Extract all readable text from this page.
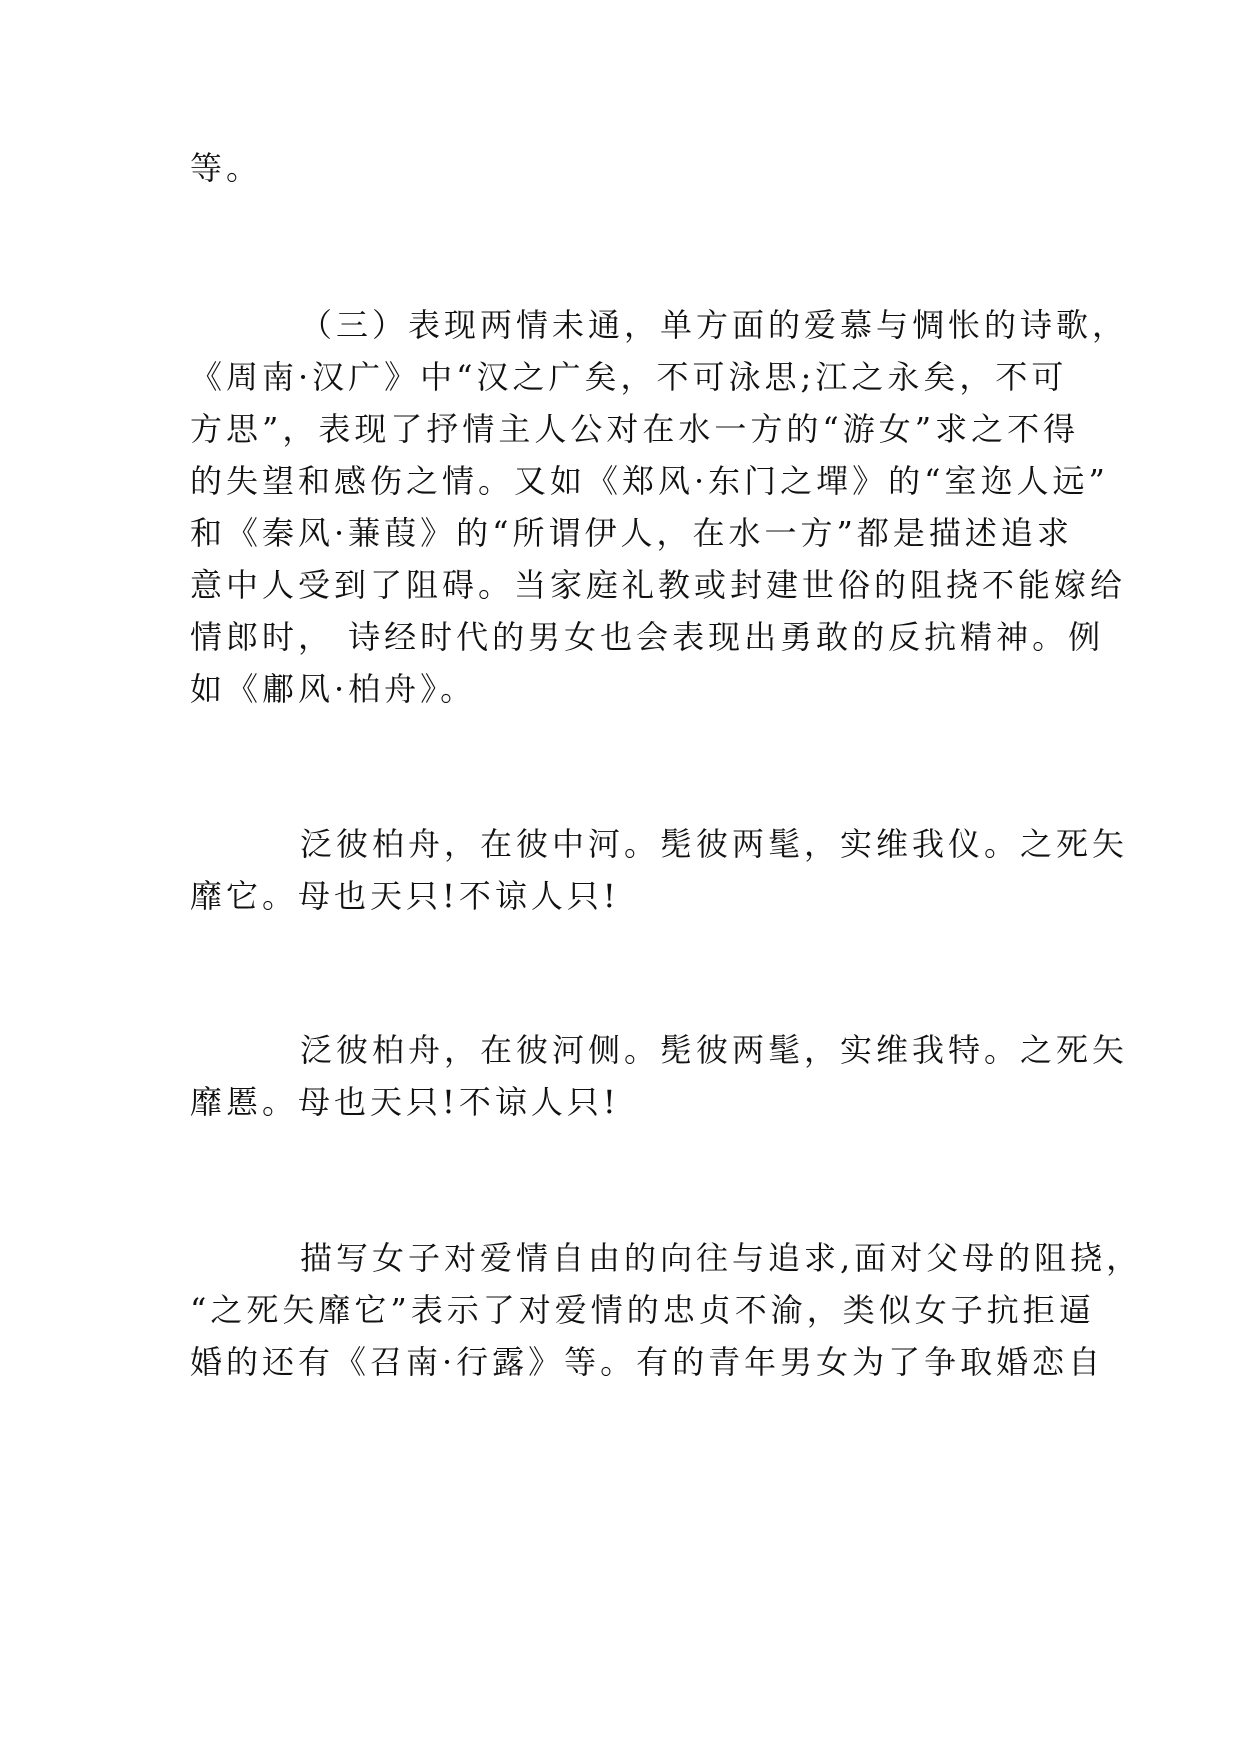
等。
（三）表现两情未通，单方面的爱慕与惆怅的诗歌，
《周南·汉广》中“汉之广矣，不可泳思;江之永矣，不可
方思”，表现了抒情主人公对在水一方的“游女”求之不得
的失望和感伤之情。又如《郑风·东门之墠》的“室迩人远”
和《秦风·蒹葭》的“所谓伊人，在水一方”都是描述追求
意中人受到了阻碍。当家庭礼教或封建世俗的阻挠不能嫁给
情郎时， 诗经时代的男女也会表现出勇敢的反抗精神。例
如《鄘风·柏舟》。
泛彼柏舟，在彼中河。髧彼两髦，实维我仪。之死矢
靡它。母也天只!不谅人只!
泛彼柏舟，在彼河侧。髧彼两髦，实维我特。之死矢
靡慝。母也天只!不谅人只!
描写女子对爱情自由的向往与追求,面对父母的阻挠，
“之死矢靡它”表示了对爱情的忠贞不渝，类似女子抗拒逼
婚的还有《召南·行露》等。有的青年男女为了争取婚恋自
